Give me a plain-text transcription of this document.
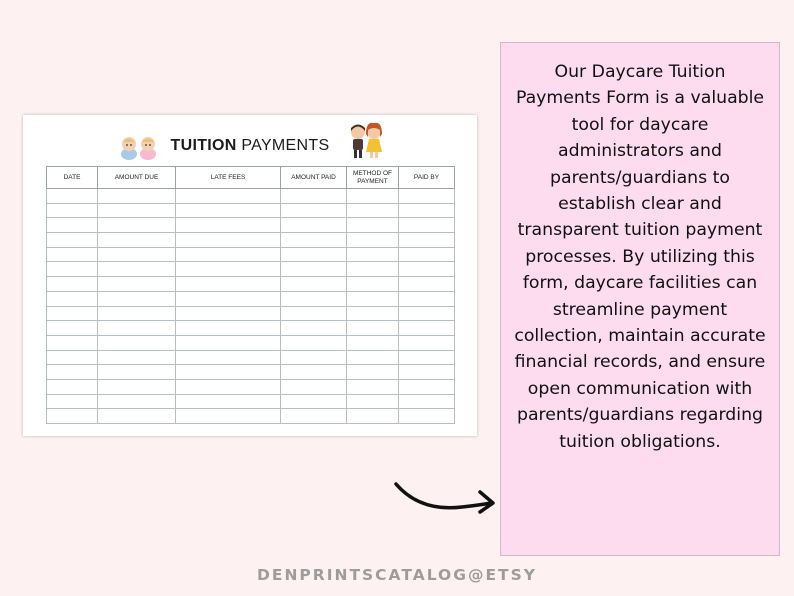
TUITION PAYMENTS
DATE	AMOUNT DUE	LATE FEES	AMOUNT PAID	METHOD OF PAYMENT	PAID BY

Our Daycare Tuition Payments Form is a valuable tool for daycare administrators and parents/guardians to establish clear and transparent tuition payment processes. By utilizing this form, daycare facilities can streamline payment collection, maintain accurate financial records, and ensure open communication with parents/guardians regarding tuition obligations.

DENPRINTSCATALOG@ETSY
